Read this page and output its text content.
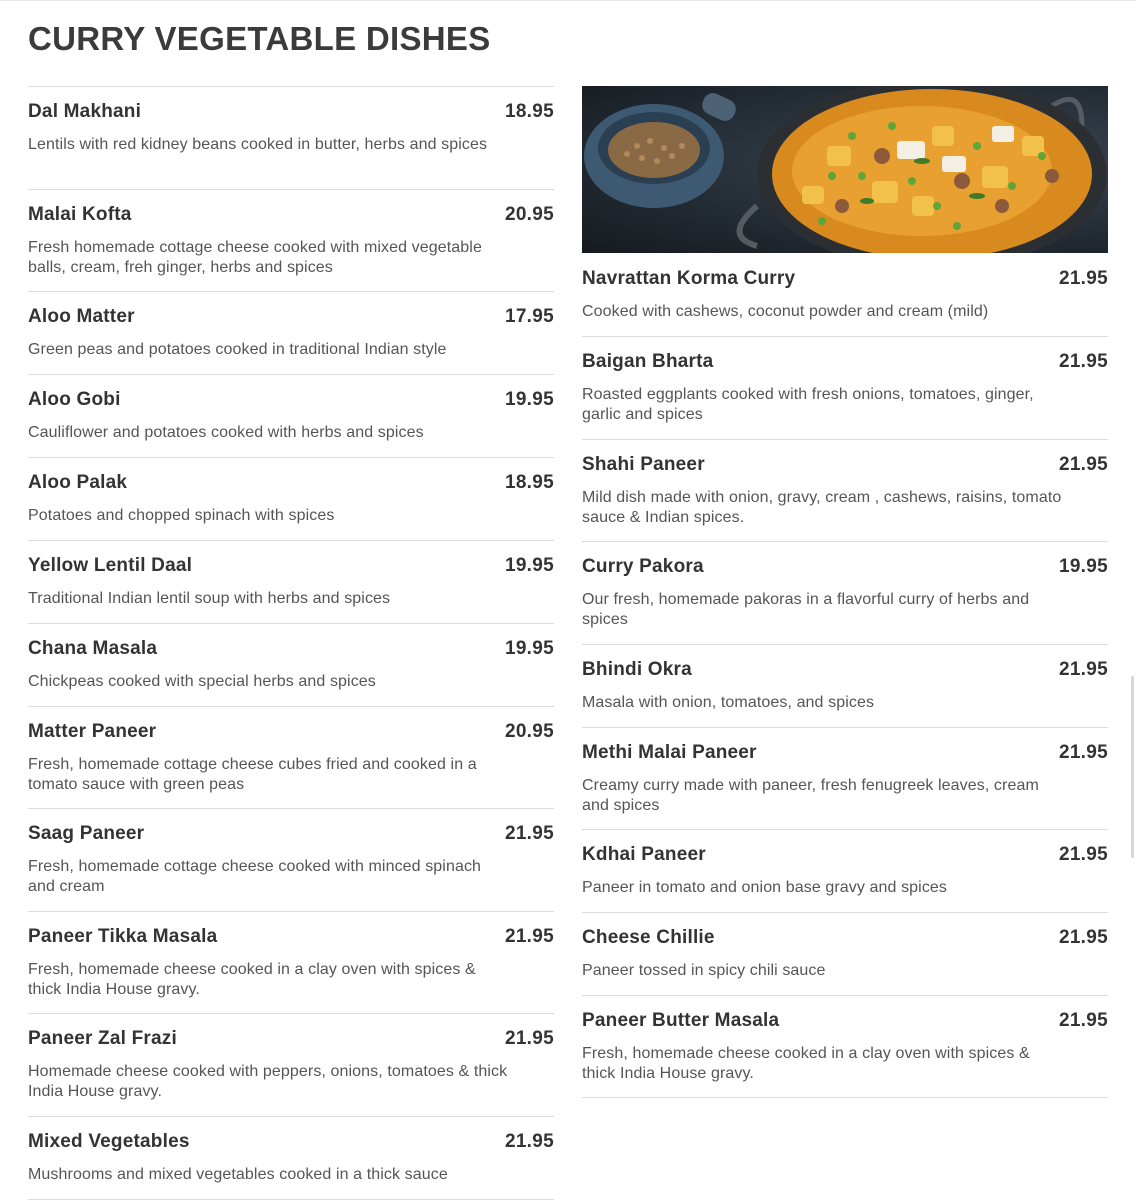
CURRY VEGETABLE DISHES
Dal Makhani	18.95
Lentils with red kidney beans cooked in butter, herbs and spices
Malai Kofta	20.95
Fresh homemade cottage cheese cooked with mixed vegetable balls, cream, freh ginger, herbs and spices
Aloo Matter	17.95
Green peas and potatoes cooked in traditional Indian style
Aloo Gobi	19.95
Cauliflower and potatoes cooked with herbs and spices
Aloo Palak	18.95
Potatoes and chopped spinach with spices
Yellow Lentil Daal	19.95
Traditional Indian lentil soup with herbs and spices
Chana Masala	19.95
Chickpeas cooked with special herbs and spices
Matter Paneer	20.95
Fresh, homemade cottage cheese cubes fried and cooked in a tomato sauce with green peas
Saag Paneer	21.95
Fresh, homemade cottage cheese cooked with minced spinach and cream
Paneer Tikka Masala	21.95
Fresh, homemade cheese cooked in a clay oven with spices & thick India House gravy.
Paneer Zal Frazi	21.95
Homemade cheese cooked with peppers, onions, tomatoes & thick India House gravy.
Mixed Vegetables	21.95
Mushrooms and mixed vegetables cooked in a thick sauce
Navrattan Korma Curry	21.95
Cooked with cashews, coconut powder and cream (mild)
Baigan Bharta	21.95
Roasted eggplants cooked with fresh onions, tomatoes, ginger, garlic and spices
Shahi Paneer	21.95
Mild dish made with onion, gravy, cream , cashews, raisins, tomato sauce & Indian spices.
Curry Pakora	19.95
Our fresh, homemade pakoras in a flavorful curry of herbs and spices
Bhindi Okra	21.95
Masala with onion, tomatoes, and spices
Methi Malai Paneer	21.95
Creamy curry made with paneer, fresh fenugreek leaves, cream and spices
Kdhai Paneer	21.95
Paneer in tomato and onion base gravy and spices
Cheese Chillie	21.95
Paneer tossed in spicy chili sauce
Paneer Butter Masala	21.95
Fresh, homemade cheese cooked in a clay oven with spices & thick India House gravy.
